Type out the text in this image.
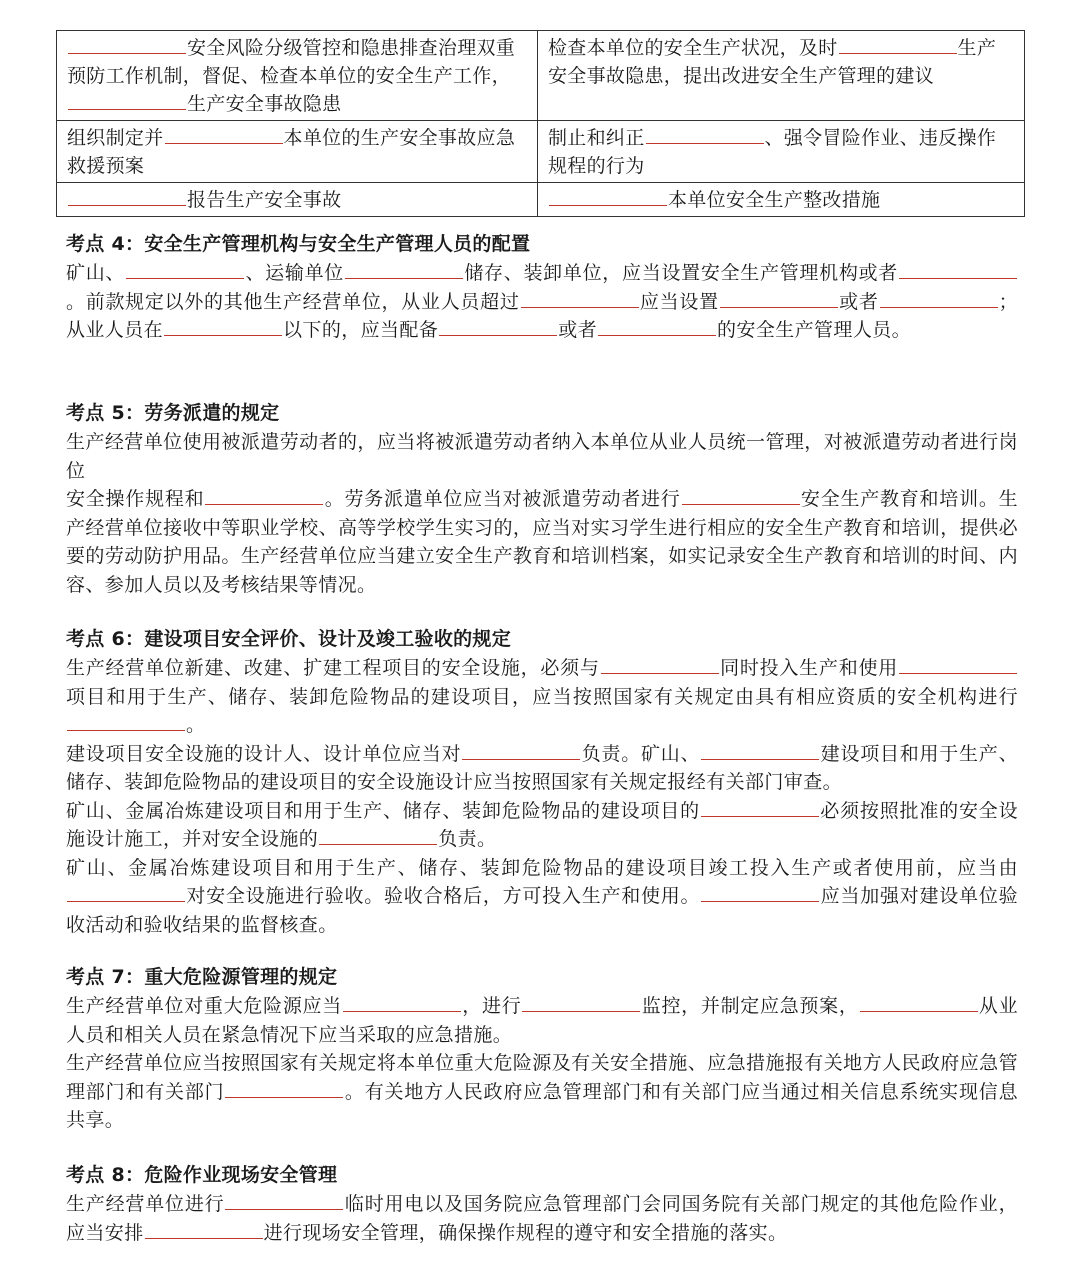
安全风险分级管控和隐患排查治理双重预防工作机制，督促、检查本单位的安全生产工作，生产安全事故隐患	检查本单位的安全生产状况，及时 生产安全事故隐患，提出改进安全生产管理的建议
组织制定并 本单位的生产安全事故应急救援预案	制止和纠正 、强令冒险作业、违反操作规程的行为
报告生产安全事故	本单位安全生产整改措施
考点 4：安全生产管理机构与安全生产管理人员的配置

矿山、	、运输单位	储存、装卸单位，应当设置安全生产管理机构或者。前款规定以外的其他生产经营单位，从业人员超过	应当设置	或者	；从业人员在	以下的，应当配备	或者	的安全生产管理人员。

考点 5：劳务派遣的规定

生产经营单位使用被派遣劳动者的，应当将被派遣劳动者纳入本单位从业人员统一管理，对被派遣劳动者进行岗位

安全操作规程和	。劳务派遣单位应当对被派遣劳动者进行	安全生产教育和培训。生产经营单位接收中等职业学校、高等学校学生实习的，应当对实习学生进行相应的安全生产教育和培训，提供必要的劳动防护用品。生产经营单位应当建立安全生产教育和培训档案，如实记录安全生产教育和培训的时间、内容、参加人员以及考核结果等情况。

考点 6：建设项目安全评价、设计及竣工验收的规定

生产经营单位新建、改建、扩建工程项目的安全设施，必须与	同时投入生产和使用项目和用于生产、储存、装卸危险物品的建设项目，应当按照国家有关规定由具有相应资质的安全机构进行。

建设项目安全设施的设计人、设计单位应当对	负责。矿山、	建设项目和用于生产、储存、装卸危险物品的建设项目的安全设施设计应当按照国家有关规定报经有关部门审查。

矿山、金属冶炼建设项目和用于生产、储存、装卸危险物品的建设项目的	必须按照批准的安全设施设计施工，并对安全设施的	负责。

矿山、金属冶炼建设项目和用于生产、储存、装卸危险物品的建设项目竣工投入生产或者使用前，应当由对安全设施进行验收。验收合格后，方可投入生产和使用。	应当加强对建设单位验收活动和验收结果的监督核查。

考点 7：重大危险源管理的规定

生产经营单位对重大危险源应当	，进行	监控，并制定应急预案，	从业人员和相关人员在紧急情况下应当采取的应急措施。

生产经营单位应当按照国家有关规定将本单位重大危险源及有关安全措施、应急措施报有关地方人民政府应急管理部门和有关部门	。有关地方人民政府应急管理部门和有关部门应当通过相关信息系统实现信息共享。

考点 8：危险作业现场安全管理

生产经营单位进行	临时用电以及国务院应急管理部门会同国务院有关部门规定的其他危险作业，应当安排	进行现场安全管理，确保操作规程的遵守和安全措施的落实。
